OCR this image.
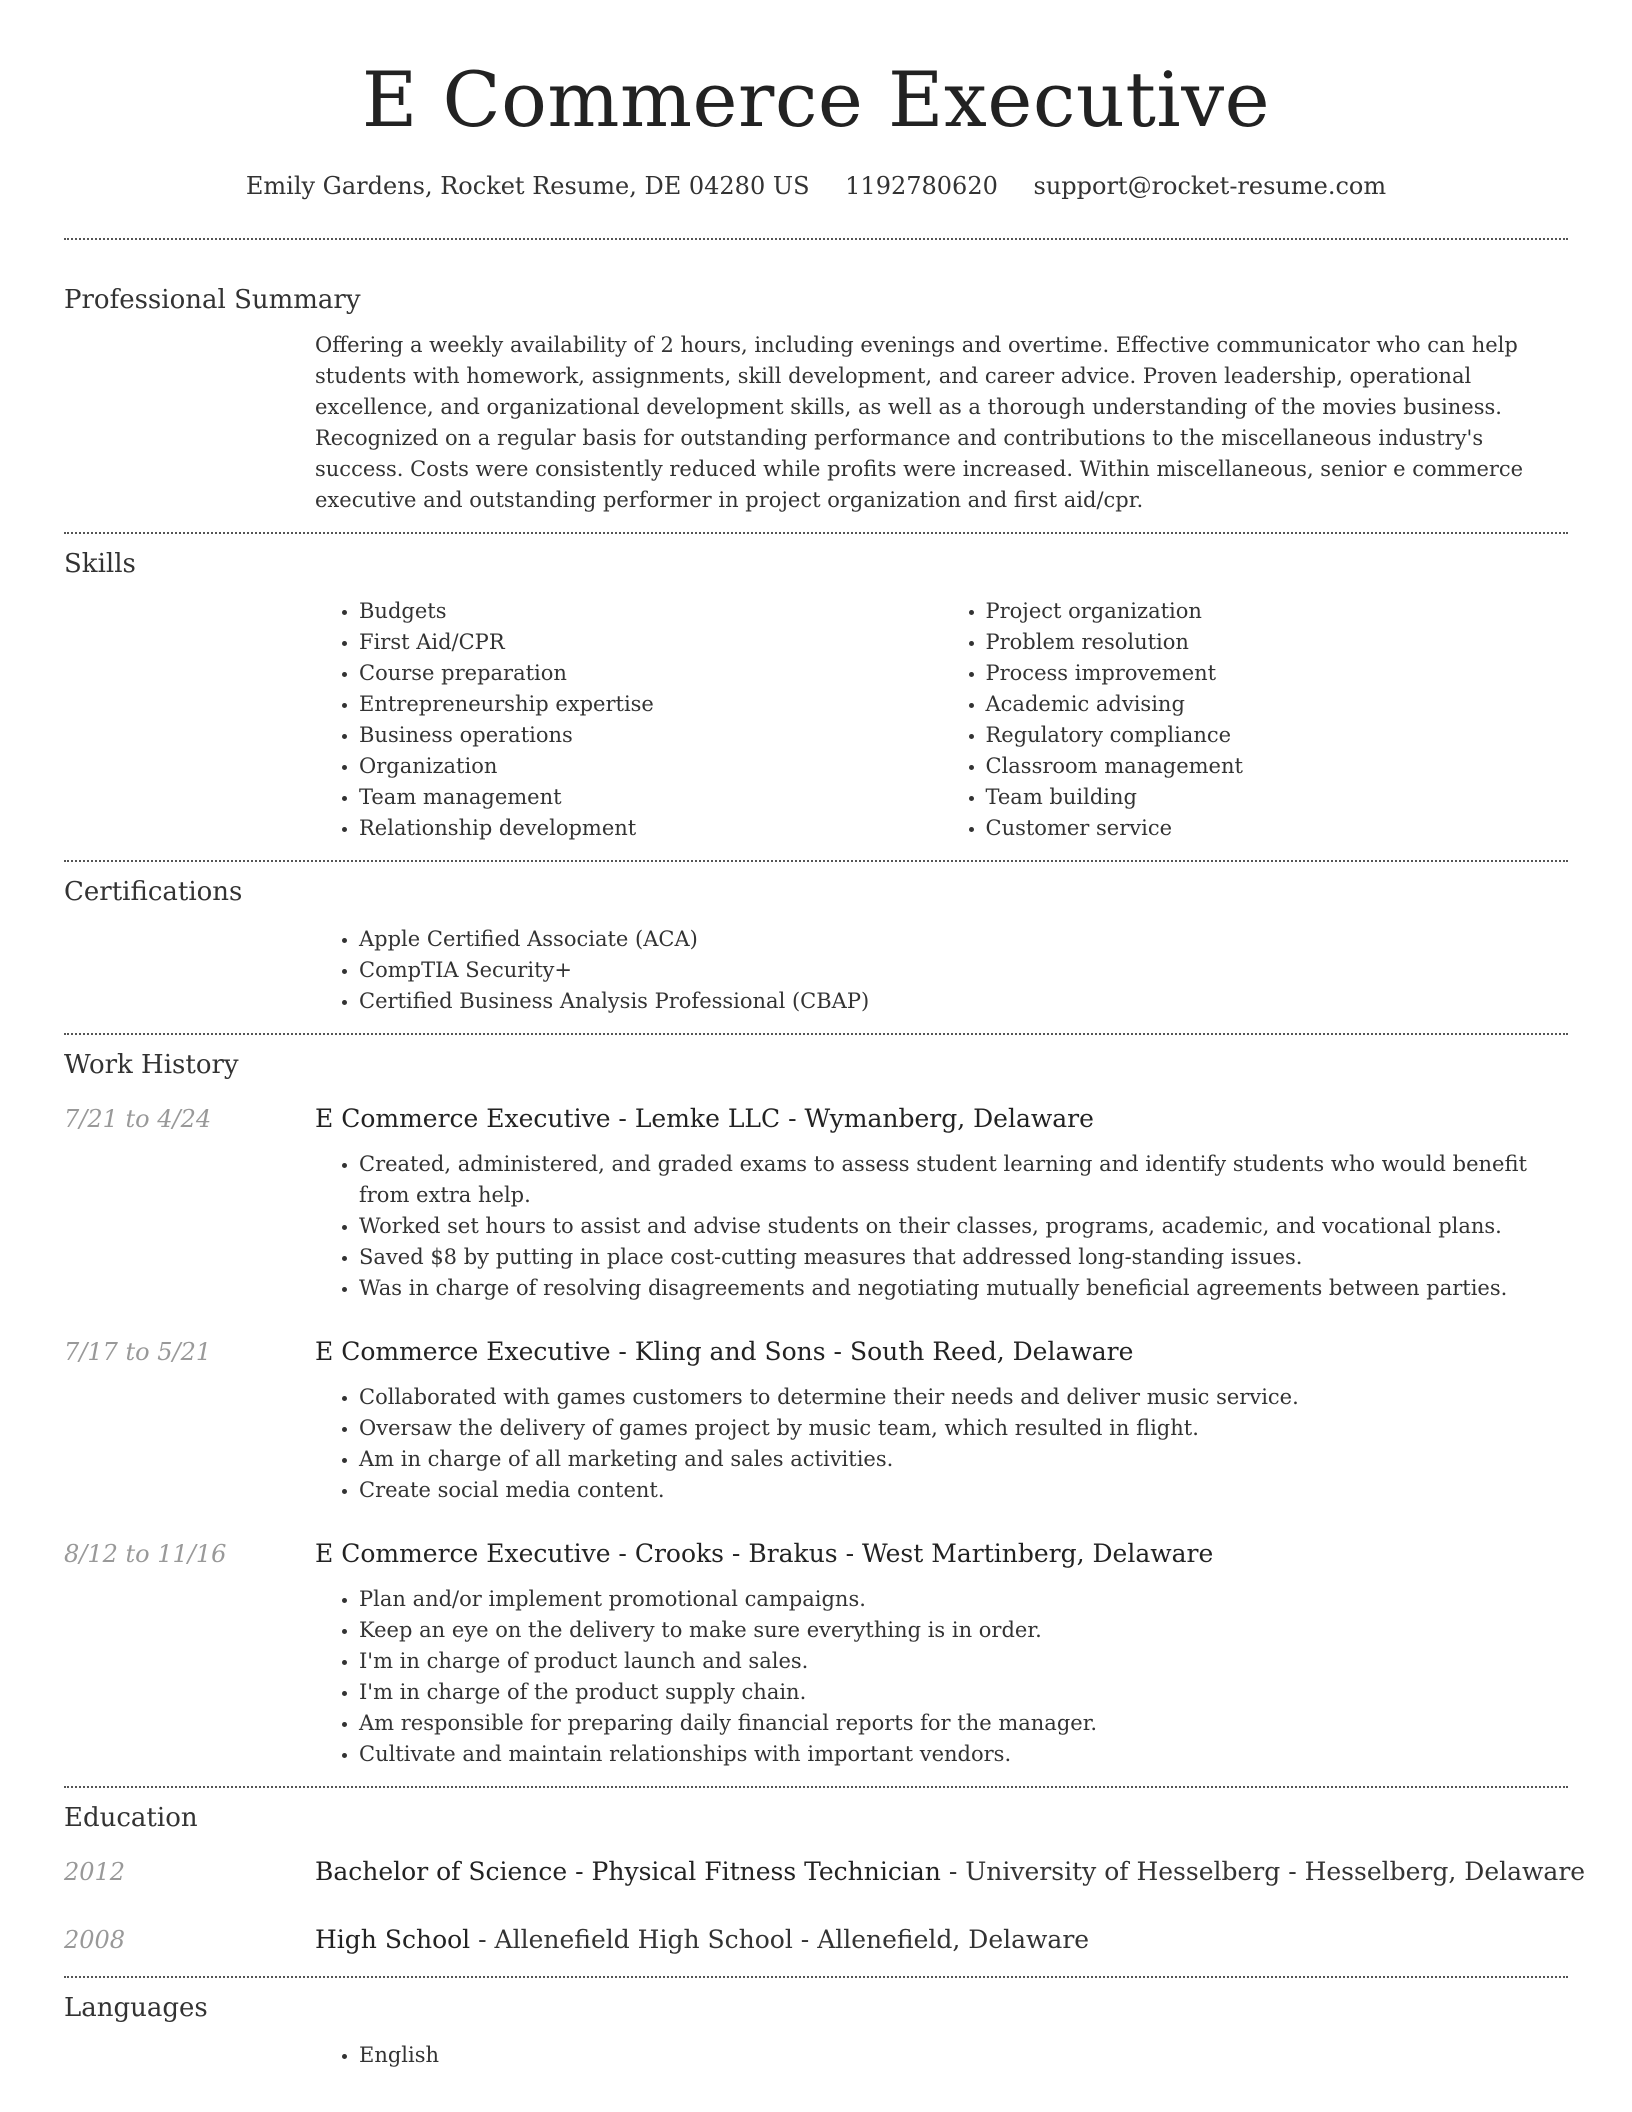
E Commerce Executive
Emily Gardens, Rocket Resume, DE 04280 US 1192780620 support@rocket-resume.com
Professional Summary

Offering a weekly availability of 2 hours, including evenings and overtime. Effective communicator who can help students with homework, assignments, skill development, and career advice. Proven leadership, operational excellence, and organizational development skills, as well as a thorough understanding of the movies business. Recognized on a regular basis for outstanding performance and contributions to the miscellaneous industry's success. Costs were consistently reduced while profits were increased. Within miscellaneous, senior e commerce executive and outstanding performer in project organization and first aid/cpr.

Skills
• Budgets
• First Aid/CPR
• Course preparation
• Entrepreneurship expertise
• Business operations
• Organization
• Team management
• Relationship development
• Project organization
• Problem resolution
• Process improvement
• Academic advising
• Regulatory compliance
• Classroom management
• Team building
• Customer service
Certifications
• Apple Certified Associate (ACA)
• CompTIA Security+
• Certified Business Analysis Professional (CBAP)
Work History
7/21 to 4/24	E Commerce Executive - Lemke LLC - Wymanberg, Delaware
• Created, administered, and graded exams to assess student learning and identify students who would benefit from extra help.
• Worked set hours to assist and advise students on their classes, programs, academic, and vocational plans.
• Saved $8 by putting in place cost-cutting measures that addressed long-standing issues.
• Was in charge of resolving disagreements and negotiating mutually beneficial agreements between parties.
7/17 to 5/21	E Commerce Executive - Kling and Sons - South Reed, Delaware
• Collaborated with games customers to determine their needs and deliver music service.
• Oversaw the delivery of games project by music team, which resulted in flight.
• Am in charge of all marketing and sales activities.
• Create social media content.
8/12 to 11/16	E Commerce Executive - Crooks - Brakus - West Martinberg, Delaware
• Plan and/or implement promotional campaigns.
• Keep an eye on the delivery to make sure everything is in order.
• I'm in charge of product launch and sales.
• I'm in charge of the product supply chain.
• Am responsible for preparing daily financial reports for the manager.
• Cultivate and maintain relationships with important vendors.
Education
2012	Bachelor of Science - Physical Fitness Technician - University of Hesselberg - Hesselberg, Delaware
2008	High School - Allenefield High School - Allenefield, Delaware
Languages
• English
